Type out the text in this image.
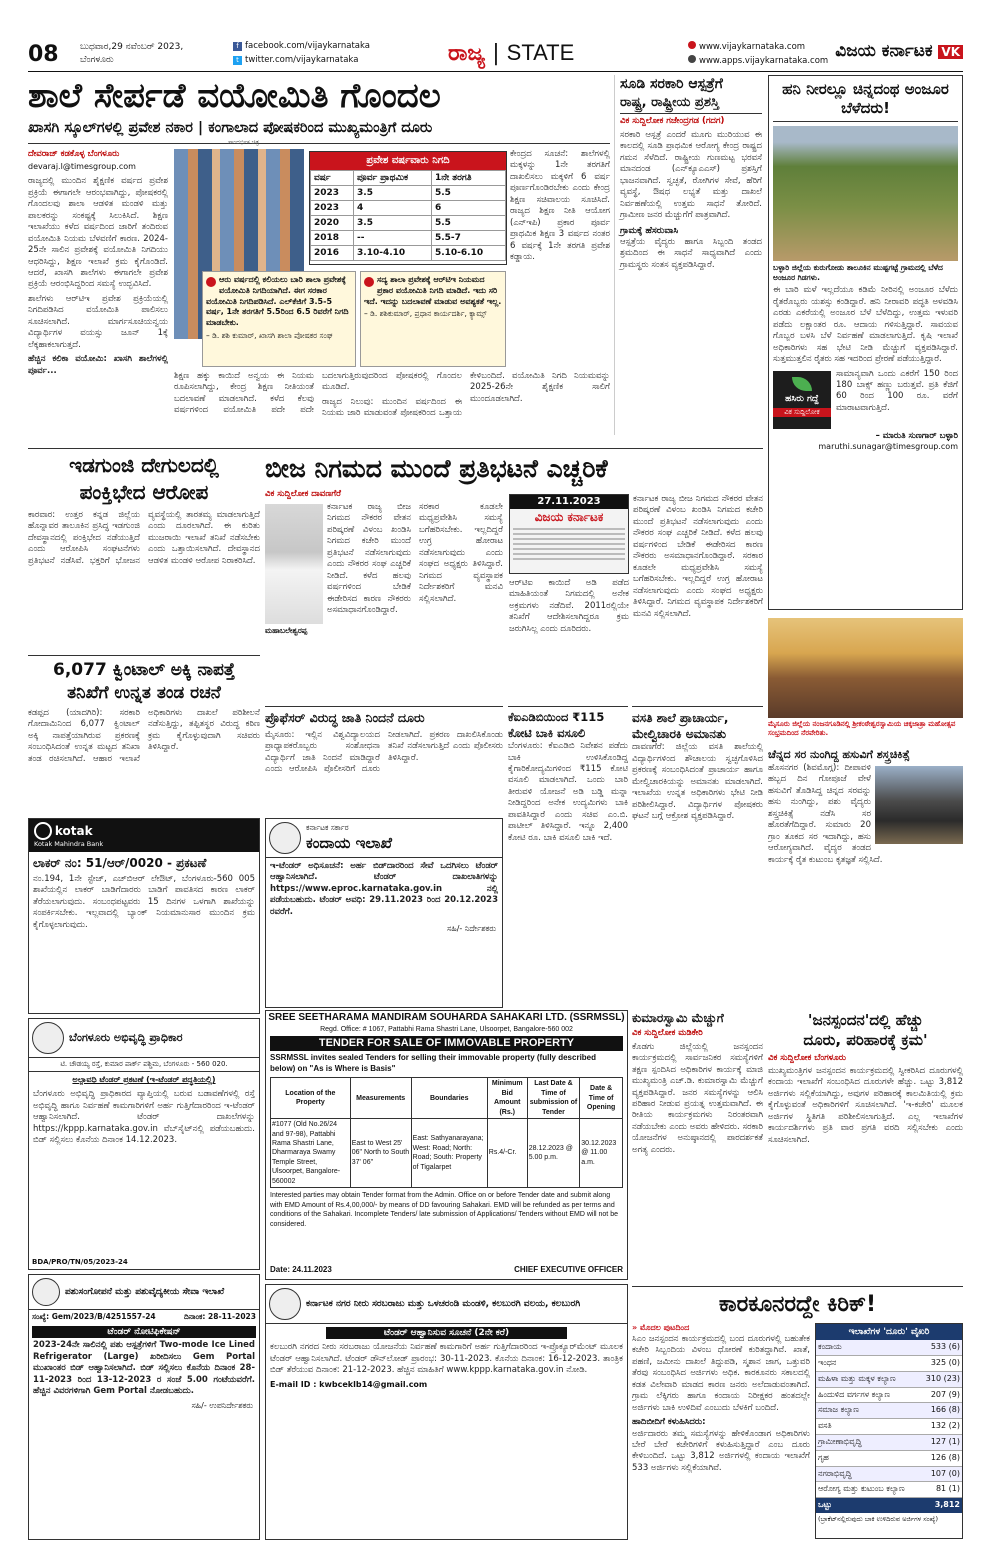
08 ಬುಧವಾರ,29 ನವೆಂಬರ್ 2023,
ಬೆಂಗಳೂರು
f facebook.com/vijaykarnataka
t twitter.com/vijaykarnataka	ರಾಜ್ಯ | STATE	www.vijaykarnataka.com
www.apps.vijaykarnataka.com ವಿಜಯ ಕರ್ನಾಟಕ VK
ಶಾಲೆ ಸೇರ್ಪಡೆ ವಯೋಮಿತಿ ಗೊಂದಲ
ಖಾಸಗಿ ಸ್ಕೂಲ್‌ಗಳಲ್ಲಿ ಪ್ರವೇಶ ನಕಾರ | ಕಂಗಾಲಾದ ಪೋಷಕರಿಂದ ಮುಖ್ಯಮಂತ್ರಿಗೆ ದೂರು
ಸಾಂದರ್ಭಿಕ ಚಿತ್ರ
ದೇವರಾಜ್ ಕಡಕೊಳ್ಳ ಬೆಂಗಳೂರು
devaraj.l@timesgroup.com

ರಾಜ್ಯದಲ್ಲಿ ಮುಂದಿನ ಶೈಕ್ಷಣಿಕ ವರ್ಷದ ಪ್ರವೇಶ ಪ್ರಕ್ರಿಯೆ ಈಗಾಗಲೇ ಆರಂಭವಾಗಿದ್ದು, ಪೋಷಕರಲ್ಲಿ ಗೊಂದಲವು ಶಾಲಾ ಆಡಳಿತ ಮಂಡಳಿ ಮತ್ತು ಪಾಲಕರನ್ನು ಸಂಕಷ್ಟಕ್ಕೆ ಸಿಲುಕಿಸಿದೆ. ಶಿಕ್ಷಣ ಇಲಾಖೆಯು ಕಳೆದ ವರ್ಷದಿಂದ ಜಾರಿಗೆ ತಂದಿರುವ ವಯೋಮಿತಿ ನಿಯಮ ಬೆಳವಣಿಗೆ ಕಾರಣ. 2024-25ನೇ ಸಾಲಿನ ಪ್ರವೇಶಕ್ಕೆ ವಯೋಮಿತಿ ನಿಗದಿಯು ಆಧರಿಸಿದ್ದು, ಶಿಕ್ಷಣ ಇಲಾಖೆ ಕ್ರಮ ಕೈಗೊಂಡಿದೆ. ಆದರೆ, ಖಾಸಗಿ ಶಾಲೆಗಳು ಈಗಾಗಲೇ ಪ್ರವೇಶ ಪ್ರಕ್ರಿಯೆ ಆರಂಭಿಸಿದ್ದರಿಂದ ಸಮಸ್ಯೆ ಉದ್ಭವಿಸಿದೆ.

ಶಾಲೆಗಳು ಆರ್‌ಟಿಇ ಪ್ರವೇಶ ಪ್ರಕ್ರಿಯೆಯಲ್ಲಿ ನಿಗದಿಪಡಿಸಿದ ವಯೋಮಿತಿ ಪಾಲಿಸಲು ಸೂಚಿಸಲಾಗಿದೆ. ಮಾರ್ಗಸೂಚಿಯನ್ವಯ ವಿದ್ಯಾರ್ಥಿಗಳ ವಯಸ್ಸು ಜೂನ್ 1ಕ್ಕೆ ಲೆಕ್ಕಹಾಕಲಾಗುತ್ತದೆ.

ಹೆಚ್ಚಿನ ಕಲಿಕಾ ವಯೋಮಿ: ಖಾಸಗಿ ಶಾಲೆಗಳಲ್ಲಿ ಪೂರ್ವ...

ಪ್ರವೇಶ ವರ್ಷವಾರು ನಿಗದಿ
ವರ್ಷ	ಪೂರ್ವ ಪ್ರಾಥಮಿಕ	1ನೇ ತರಗತಿ
2023	3.5	5.5
2023	4	6
2020	3.5	5.5
2018	--	5.5-7
2016	3.10-4.10	5.10-6.10

ಕೇಂದ್ರದ ಸೂಚನೆ: ಶಾಲೆಗಳಲ್ಲಿ ಮಕ್ಕಳನ್ನು 1ನೇ ತರಗತಿಗೆ ದಾಖಲಿಸಲು ಮಕ್ಕಳಿಗೆ 6 ವರ್ಷ ಪೂರ್ಣಗೊಂಡಿರಬೇಕು ಎಂದು ಕೇಂದ್ರ ಶಿಕ್ಷಣ ಸಚಿವಾಲಯ ಸೂಚಿಸಿದೆ. ರಾಜ್ಯದ ಶಿಕ್ಷಣ ನೀತಿ ಆಯೋಗ (ಎನ್‌ಇಪಿ) ಪ್ರಕಾರ ಪೂರ್ವ ಪ್ರಾಥಮಿಕ ಶಿಕ್ಷಣ 3 ವರ್ಷದ ನಂತರ 6 ವರ್ಷಕ್ಕೆ 1ನೇ ತರಗತಿ ಪ್ರವೇಶ ಕಡ್ಡಾಯ.

ಆರು ವರ್ಷದಲ್ಲಿ ಕಲಿಯಲು ಬಾರಿ ಶಾಲಾ ಪ್ರವೇಶಕ್ಕೆ ವಯೋಮಿತಿ ನಿಗದಿಯಾಗಿದೆ. ಈಗ ಸರಕಾರ ವಯೋಮಿತಿ ನಿಗದಿಪಡಿಸಿದೆ. ಎಲ್‌ಕೆಜಿಗೆ 3.5-5 ವರ್ಷ, 1ನೇ ತರಗತಿಗೆ 5.5ರಿಂದ 6.5 ರಿವರೆಗೆ ನಿಗದಿ ಮಾಡಬೇಕು.
– ಡಿ. ಶಶಿ ಕುಮಾರ್, ಖಾಸಗಿ ಶಾಲಾ ಪೋಷಕರ ಸಂಘ
ಸದ್ಯ ಶಾಲಾ ಪ್ರವೇಶಕ್ಕೆ ಆರ್‌ಟಿಇ ನಿಯಮದ ಪ್ರಕಾರ ವಯೋಮಿತಿ ನಿಗದಿ ಮಾಡಿದೆ. ಇದು ಸರಿ ಇದೆ. ಇದನ್ನು ಬದಲಾವಣೆ ಮಾಡುವ ಅವಶ್ಯಕತೆ ಇಲ್ಲ.
– ಡಿ. ಶಶಿಕುಮಾರ್, ಪ್ರಧಾನ ಕಾರ್ಯದರ್ಶಿ, ಕ್ಯಾಮ್ಸ್

ಶಿಕ್ಷಣ ಹಕ್ಕು ಕಾಯಿದೆ ಅನ್ವಯ ಈ ನಿಯಮ ರೂಪಿಸಲಾಗಿದ್ದು, ಕೇಂದ್ರ ಶಿಕ್ಷಣ ನೀತಿಯಂತೆ ಬದಲಾವಣೆ ಮಾಡಲಾಗಿದೆ. ಕಳೆದ ಕೆಲವು ವರ್ಷಗಳಿಂದ ವಯೋಮಿತಿ ಪದೇ ಪದೇ ಬದಲಾಗುತ್ತಿರುವುದರಿಂದ ಪೋಷಕರಲ್ಲಿ ಗೊಂದಲ ಮೂಡಿದೆ.

ರಾಜ್ಯದ ನಿಲುವು: ಮುಂದಿನ ವರ್ಷದಿಂದ ಈ ನಿಯಮ ಜಾರಿ ಮಾಡುವಂತೆ ಪೋಷಕರಿಂದ ಒತ್ತಾಯ ಕೇಳಿಬಂದಿದೆ. ವಯೋಮಿತಿ ನಿಗದಿ ನಿಯಮವನ್ನು 2025-26ನೇ ಶೈಕ್ಷಣಿಕ ಸಾಲಿಗೆ ಮುಂದೂಡಲಾಗಿದೆ.

ಸೂಡಿ ಸರಕಾರಿ ಆಸ್ಪತ್ರೆಗೆ
ರಾಷ್ಟ್ರ, ರಾಷ್ಟ್ರೀಯ ಪ್ರಶಸ್ತಿ
ವಿಕ ಸುದ್ದಿಲೋಕ ಗಜೇಂದ್ರಗಡ (ಗದಗ)

ಸರಕಾರಿ ಆಸ್ಪತ್ರೆ ಎಂದರೆ ಮೂಗು ಮುರಿಯುವ ಈ ಕಾಲದಲ್ಲಿ ಸೂಡಿ ಪ್ರಾಥಮಿಕ ಆರೋಗ್ಯ ಕೇಂದ್ರ ರಾಷ್ಟ್ರದ ಗಮನ ಸೆಳೆದಿದೆ. ರಾಷ್ಟ್ರೀಯ ಗುಣಮಟ್ಟ ಭರವಸೆ ಮಾನದಂಡ (ಎನ್‌ಕ್ಯೂಎಎಸ್) ಪ್ರಶಸ್ತಿಗೆ ಭಾಜನವಾಗಿದೆ. ಸ್ವಚ್ಛತೆ, ರೋಗಿಗಳ ಸೇವೆ, ಹೆರಿಗೆ ವ್ಯವಸ್ಥೆ, ಔಷಧ ಲಭ್ಯತೆ ಮತ್ತು ದಾಖಲೆ ನಿರ್ವಹಣೆಯಲ್ಲಿ ಉತ್ತಮ ಸಾಧನೆ ತೋರಿದೆ. ಗ್ರಾಮೀಣ ಜನರ ಮೆಚ್ಚುಗೆಗೆ ಪಾತ್ರವಾಗಿದೆ.

ಗ್ರಾಮಕ್ಕೆ ಹೆಸರುವಾಸಿ

ಆಸ್ಪತ್ರೆಯ ವೈದ್ಯರು ಹಾಗೂ ಸಿಬ್ಬಂದಿ ತಂಡದ ಶ್ರಮದಿಂದ ಈ ಸಾಧನೆ ಸಾಧ್ಯವಾಗಿದೆ ಎಂದು ಗ್ರಾಮಸ್ಥರು ಸಂತಸ ವ್ಯಕ್ತಪಡಿಸಿದ್ದಾರೆ.

ಹನಿ ನೀರಲ್ಲೂ ಚಿನ್ನದಂಥ ಅಂಜೂರ ಬೆಳೆದರು!
ಬಳ್ಳಾರಿ ಜಿಲ್ಲೆಯ ಕುರುಗೋಡು ತಾಲೂಕಿನ ಮುಷ್ಟಗಟ್ಟೆ ಗ್ರಾಮದಲ್ಲಿ ಬೆಳೆದ ಅಂಜೂರ ಗಿಡಗಳು.

ಈ ಬಾರಿ ಮಳೆ ಇಲ್ಲದೆಯೂ ಕಡಿಮೆ ನೀರಿನಲ್ಲಿ ಅಂಜೂರ ಬೆಳೆದು ರೈತರೊಬ್ಬರು ಯಶಸ್ಸು ಕಂಡಿದ್ದಾರೆ. ಹನಿ ನೀರಾವರಿ ಪದ್ಧತಿ ಅಳವಡಿಸಿ ಎರಡು ಎಕರೆಯಲ್ಲಿ ಅಂಜೂರ ಬೆಳೆ ಬೆಳೆದಿದ್ದು, ಉತ್ತಮ ಇಳುವರಿ ಪಡೆದು ಲಕ್ಷಾಂತರ ರೂ. ಆದಾಯ ಗಳಿಸುತ್ತಿದ್ದಾರೆ. ಸಾವಯವ ಗೊಬ್ಬರ ಬಳಸಿ ಬೆಳೆ ನಿರ್ವಹಣೆ ಮಾಡಲಾಗುತ್ತಿದೆ. ಕೃಷಿ ಇಲಾಖೆ ಅಧಿಕಾರಿಗಳು ಸಹ ಭೇಟಿ ನೀಡಿ ಮೆಚ್ಚುಗೆ ವ್ಯಕ್ತಪಡಿಸಿದ್ದಾರೆ. ಸುತ್ತಮುತ್ತಲಿನ ರೈತರು ಸಹ ಇದರಿಂದ ಪ್ರೇರಣೆ ಪಡೆಯುತ್ತಿದ್ದಾರೆ.

ಹಸಿರು ಗದ್ದೆ
ವಿಕ ಸುದ್ದಿಲೋಕ

ಸಾಮಾನ್ಯವಾಗಿ ಒಂದು ಎಕರೆಗೆ 150 ರಿಂದ 180 ಬಾಕ್ಸ್ ಹಣ್ಣು ಬರುತ್ತವೆ. ಪ್ರತಿ ಕೆಜಿಗೆ 60 ರಿಂದ 100 ರೂ. ವರೆಗೆ ಮಾರಾಟವಾಗುತ್ತಿದೆ.

– ಮಾರುತಿ ಸುಣಗಾರ್ ಬಳ್ಳಾರಿ
maruthi.sunagar@timesgroup.com
ಇಡಗುಂಜಿ ದೇಗುಲದಲ್ಲಿ
ಪಂಕ್ತಿಭೇದ ಆರೋಪ

ಕಾರವಾರ: ಉತ್ತರ ಕನ್ನಡ ಜಿಲ್ಲೆಯ ಹೊನ್ನಾವರ ತಾಲೂಕಿನ ಪ್ರಸಿದ್ಧ ಇಡಗುಂಜಿ ದೇವಸ್ಥಾನದಲ್ಲಿ ಪಂಕ್ತಿಭೇದ ನಡೆಯುತ್ತಿದೆ ಎಂದು ಆರೋಪಿಸಿ ಸಂಘಟನೆಗಳು ಪ್ರತಿಭಟನೆ ನಡೆಸಿವೆ. ಭಕ್ತರಿಗೆ ಭೋಜನ ವ್ಯವಸ್ಥೆಯಲ್ಲಿ ತಾರತಮ್ಯ ಮಾಡಲಾಗುತ್ತಿದೆ ಎಂದು ದೂರಲಾಗಿದೆ. ಈ ಕುರಿತು ಮುಜರಾಯಿ ಇಲಾಖೆ ತನಿಖೆ ನಡೆಸಬೇಕು ಎಂದು ಒತ್ತಾಯಿಸಲಾಗಿದೆ. ದೇವಸ್ಥಾನದ ಆಡಳಿತ ಮಂಡಳಿ ಆರೋಪ ನಿರಾಕರಿಸಿದೆ.

6,077 ಕ್ವಿಂಟಾಲ್ ಅಕ್ಕಿ ನಾಪತ್ತೆ
ತನಿಖೆಗೆ ಉನ್ನತ ತಂಡ ರಚನೆ

ಕಡಪ್ಪದ (ಯಾದಗಿರಿ): ಸರಕಾರಿ ಗೋದಾಮಿನಿಂದ 6,077 ಕ್ವಿಂಟಾಲ್ ಅಕ್ಕಿ ನಾಪತ್ತೆಯಾಗಿರುವ ಪ್ರಕರಣಕ್ಕೆ ಸಂಬಂಧಿಸಿದಂತೆ ಉನ್ನತ ಮಟ್ಟದ ತನಿಖಾ ತಂಡ ರಚಿಸಲಾಗಿದೆ. ಆಹಾರ ಇಲಾಖೆ ಅಧಿಕಾರಿಗಳು ದಾಖಲೆ ಪರಿಶೀಲನೆ ನಡೆಸುತ್ತಿದ್ದು, ತಪ್ಪಿತಸ್ಥರ ವಿರುದ್ಧ ಕಠಿಣ ಕ್ರಮ ಕೈಗೊಳ್ಳುವುದಾಗಿ ಸಚಿವರು ತಿಳಿಸಿದ್ದಾರೆ.

ಬೀಜ ನಿಗಮದ ಮುಂದೆ ಪ್ರತಿಭಟನೆ ಎಚ್ಚರಿಕೆ
ವಿಕ ಸುದ್ದಿಲೋಕ ದಾವಣಗೆರೆ
ಮಹಾಬಲೇಶ್ವರಪ್ಪ

ಕರ್ನಾಟಕ ರಾಜ್ಯ ಬೀಜ ನಿಗಮದ ನೌಕರರ ವೇತನ ಪರಿಷ್ಕರಣೆ ವಿಳಂಬ ಖಂಡಿಸಿ ನಿಗಮದ ಕಚೇರಿ ಮುಂದೆ ಪ್ರತಿಭಟನೆ ನಡೆಸಲಾಗುವುದು ಎಂದು ನೌಕರರ ಸಂಘ ಎಚ್ಚರಿಕೆ ನೀಡಿದೆ. ಕಳೆದ ಹಲವು ವರ್ಷಗಳಿಂದ ಬೇಡಿಕೆ ಈಡೇರಿಸದ ಕಾರಣ ನೌಕರರು ಅಸಮಾಧಾನಗೊಂಡಿದ್ದಾರೆ. ಸರಕಾರ ಕೂಡಲೇ ಮಧ್ಯಪ್ರವೇಶಿಸಿ ಸಮಸ್ಯೆ ಬಗೆಹರಿಸಬೇಕು. ಇಲ್ಲದಿದ್ದರೆ ಉಗ್ರ ಹೋರಾಟ ನಡೆಸಲಾಗುವುದು ಎಂದು ಸಂಘದ ಅಧ್ಯಕ್ಷರು ತಿಳಿಸಿದ್ದಾರೆ. ನಿಗಮದ ವ್ಯವಸ್ಥಾಪಕ ನಿರ್ದೇಶಕರಿಗೆ ಮನವಿ ಸಲ್ಲಿಸಲಾಗಿದೆ.

27.11.2023
ವಿಜಯ ಕರ್ನಾಟಕ

ಆರ್‌ಟಿಐ ಕಾಯಿದೆ ಅಡಿ ಪಡೆದ ಮಾಹಿತಿಯಂತೆ ನಿಗಮದಲ್ಲಿ ಅನೇಕ ಅಕ್ರಮಗಳು ನಡೆದಿವೆ. 2011ರಲ್ಲಿಯೇ ತನಿಖೆಗೆ ಆದೇಶಿಸಲಾಗಿದ್ದರೂ ಕ್ರಮ ಜರುಗಿಸಿಲ್ಲ ಎಂದು ದೂರಿದರು.

ಕರ್ನಾಟಕ ರಾಜ್ಯ ಬೀಜ ನಿಗಮದ ನೌಕರರ ವೇತನ ಪರಿಷ್ಕರಣೆ ವಿಳಂಬ ಖಂಡಿಸಿ ನಿಗಮದ ಕಚೇರಿ ಮುಂದೆ ಪ್ರತಿಭಟನೆ ನಡೆಸಲಾಗುವುದು ಎಂದು ನೌಕರರ ಸಂಘ ಎಚ್ಚರಿಕೆ ನೀಡಿದೆ. ಕಳೆದ ಹಲವು ವರ್ಷಗಳಿಂದ ಬೇಡಿಕೆ ಈಡೇರಿಸದ ಕಾರಣ ನೌಕರರು ಅಸಮಾಧಾನಗೊಂಡಿದ್ದಾರೆ. ಸರಕಾರ ಕೂಡಲೇ ಮಧ್ಯಪ್ರವೇಶಿಸಿ ಸಮಸ್ಯೆ ಬಗೆಹರಿಸಬೇಕು. ಇಲ್ಲದಿದ್ದರೆ ಉಗ್ರ ಹೋರಾಟ ನಡೆಸಲಾಗುವುದು ಎಂದು ಸಂಘದ ಅಧ್ಯಕ್ಷರು ತಿಳಿಸಿದ್ದಾರೆ. ನಿಗಮದ ವ್ಯವಸ್ಥಾಪಕ ನಿರ್ದೇಶಕರಿಗೆ ಮನವಿ ಸಲ್ಲಿಸಲಾಗಿದೆ.

ಮೈಸೂರು ಜಿಲ್ಲೆಯ ನಂಜನಗೂಡಿನಲ್ಲಿ ಶ್ರೀಕಂಠೇಶ್ವರಸ್ವಾಮಿಯ ಚಿಕ್ಕಜಾತ್ರಾ ಮಹೋತ್ಸವ ಸಂಭ್ರಮದಿಂದ ನೆರವೇರಿತು.
ಪ್ರೊಫೆಸರ್ ವಿರುದ್ಧ ಜಾತಿ ನಿಂದನೆ ದೂರು

ಮೈಸೂರು: ಇಲ್ಲಿನ ವಿಶ್ವವಿದ್ಯಾಲಯದ ಪ್ರಾಧ್ಯಾಪಕರೊಬ್ಬರು ಸಂಶೋಧನಾ ವಿದ್ಯಾರ್ಥಿಗೆ ಜಾತಿ ನಿಂದನೆ ಮಾಡಿದ್ದಾರೆ ಎಂದು ಆರೋಪಿಸಿ ಪೊಲೀಸರಿಗೆ ದೂರು ನೀಡಲಾಗಿದೆ. ಪ್ರಕರಣ ದಾಖಲಿಸಿಕೊಂಡು ತನಿಖೆ ನಡೆಸಲಾಗುತ್ತಿದೆ ಎಂದು ಪೊಲೀಸರು ತಿಳಿಸಿದ್ದಾರೆ.

ಕೆಐಎಡಿಬಿಯಿಂದ ₹115
ಕೋಟಿ ಬಾಕಿ ವಸೂಲಿ

ಬೆಂಗಳೂರು: ಕೆಐಎಡಿಬಿ ನಿವೇಶನ ಪಡೆದು ಬಾಕಿ ಉಳಿಸಿಕೊಂಡಿದ್ದ ಕೈಗಾರಿಕೋದ್ಯಮಿಗಳಿಂದ ₹115 ಕೋಟಿ ವಸೂಲಿ ಮಾಡಲಾಗಿದೆ. ಒಂದು ಬಾರಿ ತೀರುವಳಿ ಯೋಜನೆ ಅಡಿ ಬಡ್ಡಿ ಮನ್ನಾ ನೀಡಿದ್ದರಿಂದ ಅನೇಕ ಉದ್ಯಮಿಗಳು ಬಾಕಿ ಪಾವತಿಸಿದ್ದಾರೆ ಎಂದು ಸಚಿವ ಎಂ.ಬಿ. ಪಾಟೀಲ್ ತಿಳಿಸಿದ್ದಾರೆ. ಇನ್ನೂ 2,400 ಕೋಟಿ ರೂ. ಬಾಕಿ ವಸೂಲಿ ಬಾಕಿ ಇದೆ.

ವಸತಿ ಶಾಲೆ ಪ್ರಾಚಾರ್ಯ,
ಮೇಲ್ವಿಚಾರಕಿ ಅಮಾನತು

ದಾವಣಗೆರೆ: ಜಿಲ್ಲೆಯ ವಸತಿ ಶಾಲೆಯಲ್ಲಿ ವಿದ್ಯಾರ್ಥಿಗಳಿಂದ ಶೌಚಾಲಯ ಸ್ವಚ್ಛಗೊಳಿಸಿದ ಪ್ರಕರಣಕ್ಕೆ ಸಂಬಂಧಿಸಿದಂತೆ ಪ್ರಾಚಾರ್ಯ ಹಾಗೂ ಮೇಲ್ವಿಚಾರಕಿಯನ್ನು ಅಮಾನತು ಮಾಡಲಾಗಿದೆ. ಇಲಾಖೆಯ ಉನ್ನತ ಅಧಿಕಾರಿಗಳು ಭೇಟಿ ನೀಡಿ ಪರಿಶೀಲಿಸಿದ್ದಾರೆ. ವಿದ್ಯಾರ್ಥಿಗಳ ಪೋಷಕರು ಘಟನೆ ಬಗ್ಗೆ ಆಕ್ರೋಶ ವ್ಯಕ್ತಪಡಿಸಿದ್ದಾರೆ.

ಚೆನ್ನದ ಸರ ನುಂಗಿದ್ದ ಹಸುವಿಗೆ ಶಸ್ತ್ರಚಿಕಿತ್ಸೆ

ಹೊಸನಗರ (ಶಿವಮೊಗ್ಗ): ದೀಪಾವಳಿ ಹಬ್ಬದ ದಿನ ಗೋಪೂಜೆ ವೇಳೆ ಹಸುವಿಗೆ ತೊಡಿಸಿದ್ದ ಚಿನ್ನದ ಸರವನ್ನು ಹಸು ನುಂಗಿದ್ದು, ಪಶು ವೈದ್ಯರು ಶಸ್ತ್ರಚಿಕಿತ್ಸೆ ನಡೆಸಿ ಸರ ಹೊರತೆಗೆದಿದ್ದಾರೆ. ಸುಮಾರು 20 ಗ್ರಾಂ ತೂಕದ ಸರ ಇದಾಗಿದ್ದು, ಹಸು ಆರೋಗ್ಯವಾಗಿದೆ. ವೈದ್ಯರ ತಂಡದ ಕಾರ್ಯಕ್ಕೆ ರೈತ ಕುಟುಂಬ ಕೃತಜ್ಞತೆ ಸಲ್ಲಿಸಿದೆ.

kotak
Kotak Mahindra Bank
ಲಾಕರ್ ನಂ: 51/ಆರ್/0020 - ಪ್ರಕಟಣೆ

ನಂ.194, 1ನೇ ಸ್ಟೇಜ್, ಎಚ್‌ಬಿಆರ್ ಲೇಔಟ್, ಬೆಂಗಳೂರು-560 005 ಶಾಖೆಯಲ್ಲಿನ ಲಾಕರ್ ಬಾಡಿಗೆದಾರರು ಬಾಡಿಗೆ ಪಾವತಿಸದ ಕಾರಣ ಲಾಕರ್ ತೆರೆಯಲಾಗುವುದು. ಸಂಬಂಧಪಟ್ಟವರು 15 ದಿನಗಳ ಒಳಗಾಗಿ ಶಾಖೆಯನ್ನು ಸಂಪರ್ಕಿಸಬೇಕು. ಇಲ್ಲವಾದಲ್ಲಿ ಬ್ಯಾಂಕ್ ನಿಯಮಾನುಸಾರ ಮುಂದಿನ ಕ್ರಮ ಕೈಗೊಳ್ಳಲಾಗುವುದು.

ಬೆಂಗಳೂರು ಅಭಿವೃದ್ಧಿ ಪ್ರಾಧಿಕಾರ
ಟಿ. ಚೌಡಯ್ಯ ರಸ್ತೆ, ಕುಮಾರ ಪಾರ್ಕ್ ಪಶ್ಚಿಮ, ಬೆಂಗಳೂರು - 560 020.
ಅಲ್ಪಾವಧಿ ಟೆಂಡರ್ ಪ್ರಕಟಣೆ (ಇ-ಟೆಂಡರ್ ಪದ್ಧತಿಯಲ್ಲಿ)

ಬೆಂಗಳೂರು ಅಭಿವೃದ್ಧಿ ಪ್ರಾಧಿಕಾರದ ವ್ಯಾಪ್ತಿಯಲ್ಲಿ ಬರುವ ಬಡಾವಣೆಗಳಲ್ಲಿ ರಸ್ತೆ ಅಭಿವೃದ್ಧಿ ಹಾಗೂ ನಿರ್ವಹಣೆ ಕಾಮಗಾರಿಗಳಿಗೆ ಅರ್ಹ ಗುತ್ತಿಗೆದಾರರಿಂದ ಇ-ಟೆಂಡರ್ ಆಹ್ವಾನಿಸಲಾಗಿದೆ. ಟೆಂಡರ್ ದಾಖಲೆಗಳನ್ನು https://kppp.karnataka.gov.in ವೆಬ್‌ಸೈಟ್‌ನಲ್ಲಿ ಪಡೆಯಬಹುದು. ಬಿಡ್ ಸಲ್ಲಿಸಲು ಕೊನೆಯ ದಿನಾಂಕ 14.12.2023.

BDA/PRO/TN/05/2023-24
ಪಶುಸಂಗೋಪನೆ ಮತ್ತು ಪಶುವೈದ್ಯಕೀಯ ಸೇವಾ ಇಲಾಖೆ
ಸಂಖ್ಯೆ: Gem/2023/B/4251557-24	ದಿನಾಂಕ: 28-11-2023
ಟೆಂಡರ್ ನೋಟಿಫಿಕೇಷನ್

2023-24ನೇ ಸಾಲಿನಲ್ಲಿ ಪಶು ಆಸ್ಪತ್ರೆಗಳಿಗೆ Two-mode Ice Lined Refrigerator (Large) ಖರೀದಿಸಲು Gem Portal ಮುಖಾಂತರ ಬಿಡ್ ಆಹ್ವಾನಿಸಲಾಗಿದೆ. ಬಿಡ್ ಸಲ್ಲಿಸಲು ಕೊನೆಯ ದಿನಾಂಕ 28-11-2023 ರಿಂದ 13-12-2023 ರ ಸಂಜೆ 5.00 ಗಂಟೆಯವರೆಗೆ. ಹೆಚ್ಚಿನ ವಿವರಗಳಿಗಾಗಿ Gem Portal ನೋಡಬಹುದು.

ಸಹಿ/- ಉಪನಿರ್ದೇಶಕರು
ಕರ್ನಾಟಕ ಸರ್ಕಾರ
ಕಂದಾಯ ಇಲಾಖೆ

ಇ-ಟೆಂಡರ್ ಅಧಿಸೂಚನೆ: ಅರ್ಹ ಬಿಡ್‌ದಾರರಿಂದ ಸೇವೆ ಒದಗಿಸಲು ಟೆಂಡರ್ ಆಹ್ವಾನಿಸಲಾಗಿದೆ. ಟೆಂಡರ್ ದಾಖಲಾತಿಗಳನ್ನು https://www.eproc.karnataka.gov.in ನಲ್ಲಿ ಪಡೆಯಬಹುದು. ಟೆಂಡರ್ ಅವಧಿ: 29.11.2023 ರಿಂದ 20.12.2023 ರವರೆಗೆ.

ಸಹಿ/- ನಿರ್ದೇಶಕರು
SREE SEETHARAMA MANDIRAM SOUHARDA SAHAKARI LTD. (SSRMSSL)
Regd. Office: # 1067, Pattabhi Rama Shastri Lane, Ulsoorpet, Bangalore-560 002
TENDER FOR SALE OF IMMOVABLE PROPERTY
SSRMSSL invites sealed Tenders for selling their immovable property (fully described below) on "As is Where is Basis"
Location of the Property	Measurements	Boundaries	Minimum Bid Amount (Rs.)	Last Date & Time of submission of Tender	Date & Time of Opening
#1077 (Old No.26/24 and 97-98), Pattabhi Rama Shastri Lane, Dharmaraya Swamy Temple Street, Ulsoorpet, Bangalore-560002	East to West 25' 06" North to South 37' 06"	East: Sathyanarayana; West: Road; North: Road; South: Property of Tigalarpet	Rs.4/-Cr.	28.12.2023 @ 5.00 p.m.	30.12.2023 @ 11.00 a.m.
Interested parties may obtain Tender format from the Admin. Office on or before Tender date and submit along with EMD Amount of Rs.4,00,000/- by means of DD favouring Sahakari. EMD will be refunded as per terms and conditions of the Sahakari. Incomplete Tenders/ late submission of Applications/ Tenders without EMD will not be considered.
Date: 24.11.2023	CHIEF EXECUTIVE OFFICER
ಕರ್ನಾಟಕ ನಗರ ನೀರು ಸರಬರಾಜು ಮತ್ತು ಒಳಚರಂಡಿ ಮಂಡಳಿ, ಕಲಬುರಗಿ ವಲಯ, ಕಲಬುರಗಿ
ಟೆಂಡರ್ ಆಹ್ವಾನಿಸುವ ಸೂಚನೆ (2ನೇ ಕರೆ)

ಕಲಬುರಗಿ ನಗರದ ನೀರು ಸರಬರಾಜು ಯೋಜನೆಯ ನಿರ್ವಹಣೆ ಕಾಮಗಾರಿಗೆ ಅರ್ಹ ಗುತ್ತಿಗೆದಾರರಿಂದ ಇ-ಪ್ರೊಕ್ಯೂರ್‌ಮೆಂಟ್ ಮೂಲಕ ಟೆಂಡರ್ ಆಹ್ವಾನಿಸಲಾಗಿದೆ. ಟೆಂಡರ್ ಡೌನ್‌ಲೋಡ್ ಪ್ರಾರಂಭ: 30-11-2023. ಕೊನೆಯ ದಿನಾಂಕ: 16-12-2023. ತಾಂತ್ರಿಕ ಬಿಡ್ ತೆರೆಯುವ ದಿನಾಂಕ: 21-12-2023. ಹೆಚ್ಚಿನ ಮಾಹಿತಿಗೆ www.kppp.karnataka.gov.in ನೋಡಿ.

E-mail ID : kwbceklb14@gmail.com
ಕುಮಾರಸ್ವಾಮಿ ಮೆಚ್ಚುಗೆ
ವಿಕ ಸುದ್ದಿಲೋಕ ಮಡಿಕೇರಿ

ಕೊಡಗು ಜಿಲ್ಲೆಯಲ್ಲಿ ಜನಸ್ಪಂದನ ಕಾರ್ಯಕ್ರಮದಲ್ಲಿ ಸಾರ್ವಜನಿಕರ ಸಮಸ್ಯೆಗಳಿಗೆ ತಕ್ಷಣ ಸ್ಪಂದಿಸಿದ ಅಧಿಕಾರಿಗಳ ಕಾರ್ಯಕ್ಕೆ ಮಾಜಿ ಮುಖ್ಯಮಂತ್ರಿ ಎಚ್.ಡಿ. ಕುಮಾರಸ್ವಾಮಿ ಮೆಚ್ಚುಗೆ ವ್ಯಕ್ತಪಡಿಸಿದ್ದಾರೆ. ಜನರ ಸಮಸ್ಯೆಗಳನ್ನು ಆಲಿಸಿ ಪರಿಹಾರ ನೀಡುವ ಪ್ರಯತ್ನ ಉತ್ತಮವಾಗಿದೆ. ಈ ರೀತಿಯ ಕಾರ್ಯಕ್ರಮಗಳು ನಿರಂತರವಾಗಿ ನಡೆಯಬೇಕು ಎಂದು ಅವರು ಹೇಳಿದರು. ಸರಕಾರಿ ಯೋಜನೆಗಳ ಅನುಷ್ಠಾನದಲ್ಲಿ ಪಾರದರ್ಶಕತೆ ಅಗತ್ಯ ಎಂದರು.

'ಜನಸ್ಪಂದನ'ದಲ್ಲಿ ಹೆಚ್ಚು
ದೂರು, ಪರಿಹಾರಕ್ಕೆ ಕ್ರಮ'
ವಿಕ ಸುದ್ದಿಲೋಕ ಬೆಂಗಳೂರು

ಮುಖ್ಯಮಂತ್ರಿಗಳ ಜನಸ್ಪಂದನ ಕಾರ್ಯಕ್ರಮದಲ್ಲಿ ಸ್ವೀಕರಿಸಿದ ದೂರುಗಳಲ್ಲಿ ಕಂದಾಯ ಇಲಾಖೆಗೆ ಸಂಬಂಧಿಸಿದ ದೂರುಗಳೇ ಹೆಚ್ಚು. ಒಟ್ಟು 3,812 ಅರ್ಜಿಗಳು ಸಲ್ಲಿಕೆಯಾಗಿದ್ದು, ಅವುಗಳ ಪರಿಹಾರಕ್ಕೆ ಕಾಲಮಿತಿಯಲ್ಲಿ ಕ್ರಮ ಕೈಗೊಳ್ಳುವಂತೆ ಅಧಿಕಾರಿಗಳಿಗೆ ಸೂಚಿಸಲಾಗಿದೆ. 'ಇ-ಕಚೇರಿ' ಮೂಲಕ ಅರ್ಜಿಗಳ ಸ್ಥಿತಿಗತಿ ಪರಿಶೀಲಿಸಲಾಗುತ್ತಿದೆ. ಎಲ್ಲ ಇಲಾಖೆಗಳ ಕಾರ್ಯದರ್ಶಿಗಳು ಪ್ರತಿ ವಾರ ಪ್ರಗತಿ ವರದಿ ಸಲ್ಲಿಸಬೇಕು ಎಂದು ಸೂಚಿಸಲಾಗಿದೆ.

ಕಾರಕೂನರದ್ದೇ ಕಿರಿಕ್!
» ಮೊದಲ ಪುಟದಿಂದ

ಸಿಎಂ ಜನಸ್ಪಂದನ ಕಾರ್ಯಕ್ರಮದಲ್ಲಿ ಬಂದ ದೂರುಗಳಲ್ಲಿ ಬಹುತೇಕ ಕಚೇರಿ ಸಿಬ್ಬಂದಿಯ ವಿಳಂಬ ಧೋರಣೆ ಕುರಿತದ್ದಾಗಿವೆ. ಖಾತೆ, ಪಹಣಿ, ಜಮೀನು ದಾಖಲೆ ತಿದ್ದುಪಡಿ, ಸ್ಮಶಾನ ಜಾಗ, ಒತ್ತುವರಿ ತೆರವು ಸಂಬಂಧಿಸಿದ ಅರ್ಜಿಗಳು ಅಧಿಕ. ಕಾರಕೂನರು ಸಕಾಲದಲ್ಲಿ ಕಡತ ವಿಲೇವಾರಿ ಮಾಡದ ಕಾರಣ ಜನರು ಅಲೆದಾಡುವಂತಾಗಿದೆ. ಗ್ರಾಮ ಲೆಕ್ಕಿಗರು ಹಾಗೂ ಕಂದಾಯ ನಿರೀಕ್ಷಕರ ಹಂತದಲ್ಲೇ ಅರ್ಜಿಗಳು ಬಾಕಿ ಉಳಿದಿವೆ ಎಂಬುದು ಬೆಳಕಿಗೆ ಬಂದಿದೆ.

ಹಾದಿಬೀದಿಗೆ ಕಳುಹಿಸಿದರು:

ಅರ್ಜಿದಾರರು ತಮ್ಮ ಸಮಸ್ಯೆಗಳನ್ನು ಹೇಳಿಕೊಂಡಾಗ ಅಧಿಕಾರಿಗಳು ಬೇರೆ ಬೇರೆ ಕಚೇರಿಗಳಿಗೆ ಕಳುಹಿಸುತ್ತಿದ್ದಾರೆ ಎಂಬ ದೂರು ಕೇಳಿಬಂದಿದೆ. ಒಟ್ಟು 3,812 ಅರ್ಜಿಗಳಲ್ಲಿ ಕಂದಾಯ ಇಲಾಖೆಗೆ 533 ಅರ್ಜಿಗಳು ಸಲ್ಲಿಕೆಯಾಗಿವೆ.

ಇಲಾಖೆಗಳ 'ದೂರು' ವೈಖರಿ
ಕಂದಾಯ	533 (6)
ಇಂಧನ	325 (0)
ಮಹಿಳಾ ಮತ್ತು ಮಕ್ಕಳ ಕಲ್ಯಾಣ	310 (23)
ಹಿಂದುಳಿದ ವರ್ಗಗಳ ಕಲ್ಯಾಣ	207 (9)
ಸಮಾಜ ಕಲ್ಯಾಣ	166 (8)
ವಸತಿ	132 (2)
ಗ್ರಾಮೀಣಾಭಿವೃದ್ಧಿ	127 (1)
ಗೃಹ	126 (8)
ನಗರಾಭಿವೃದ್ಧಿ	107 (0)
ಆರೋಗ್ಯ ಮತ್ತು ಕುಟುಂಬ ಕಲ್ಯಾಣ	81 (1)
ಒಟ್ಟು	3,812
(ಬ್ರಾಕೆಟ್‌ನಲ್ಲಿರುವುದು ಬಾಕಿ ಉಳಿದಿರುವ ಅರ್ಜಿಗಳ ಸಂಖ್ಯೆ)
